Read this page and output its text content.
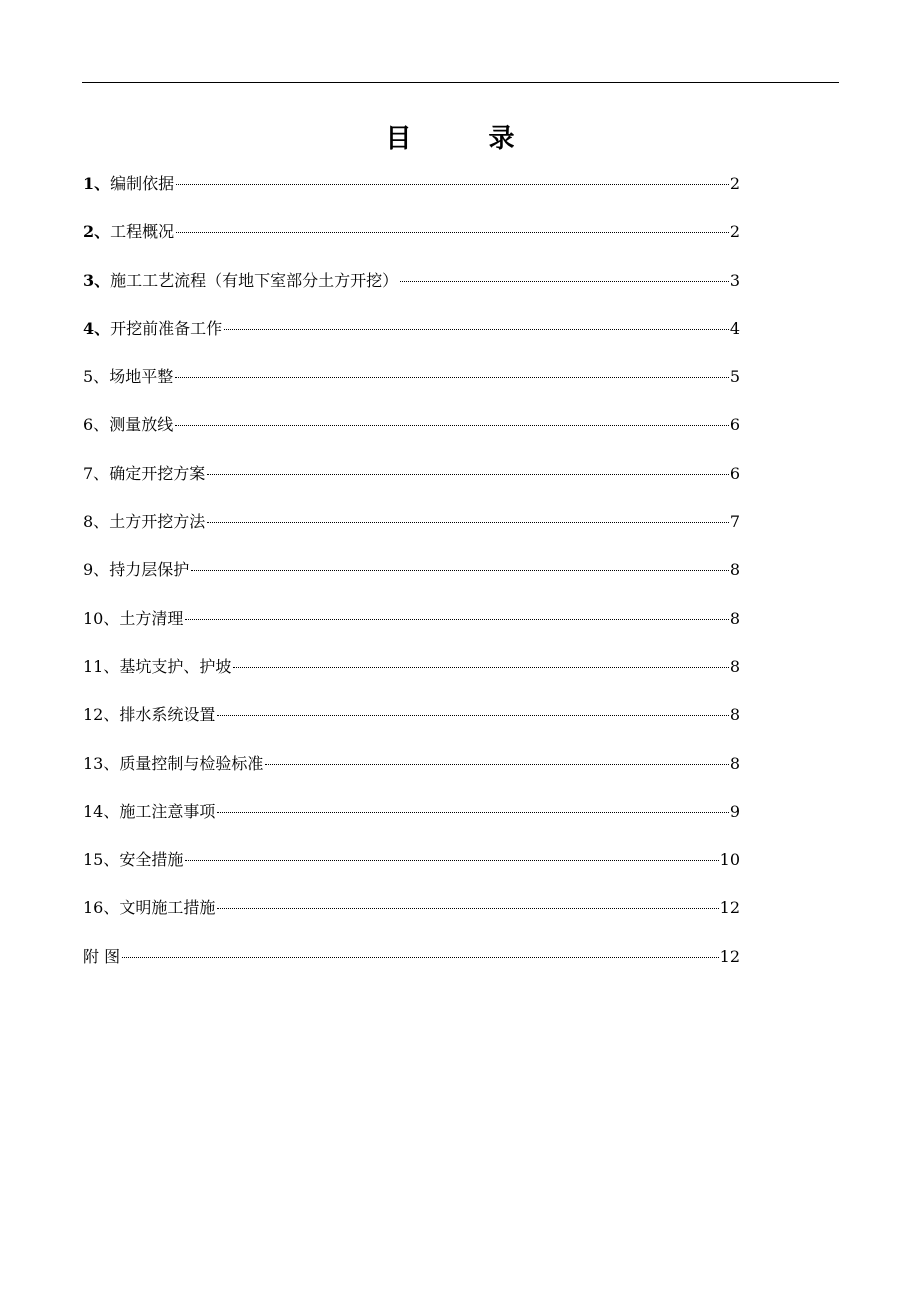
目 录
1、 编制依据	2
2、 工程概况	2
3、 施工工艺流程（有地下室部分土方开挖）	3
4、 开挖前准备工作	4
5、 场地平整	5
6、 测量放线	6
7、 确定开挖方案	6
8、 土方开挖方法	7
9、 持力层保护	8
10、 土方清理	8
11、 基坑支护、护坡	8
12、 排水系统设置	8
13、 质量控制与检验标准	8
14、 施工注意事项	9
15、 安全措施	10
16、 文明施工措施	12
附 图	12
